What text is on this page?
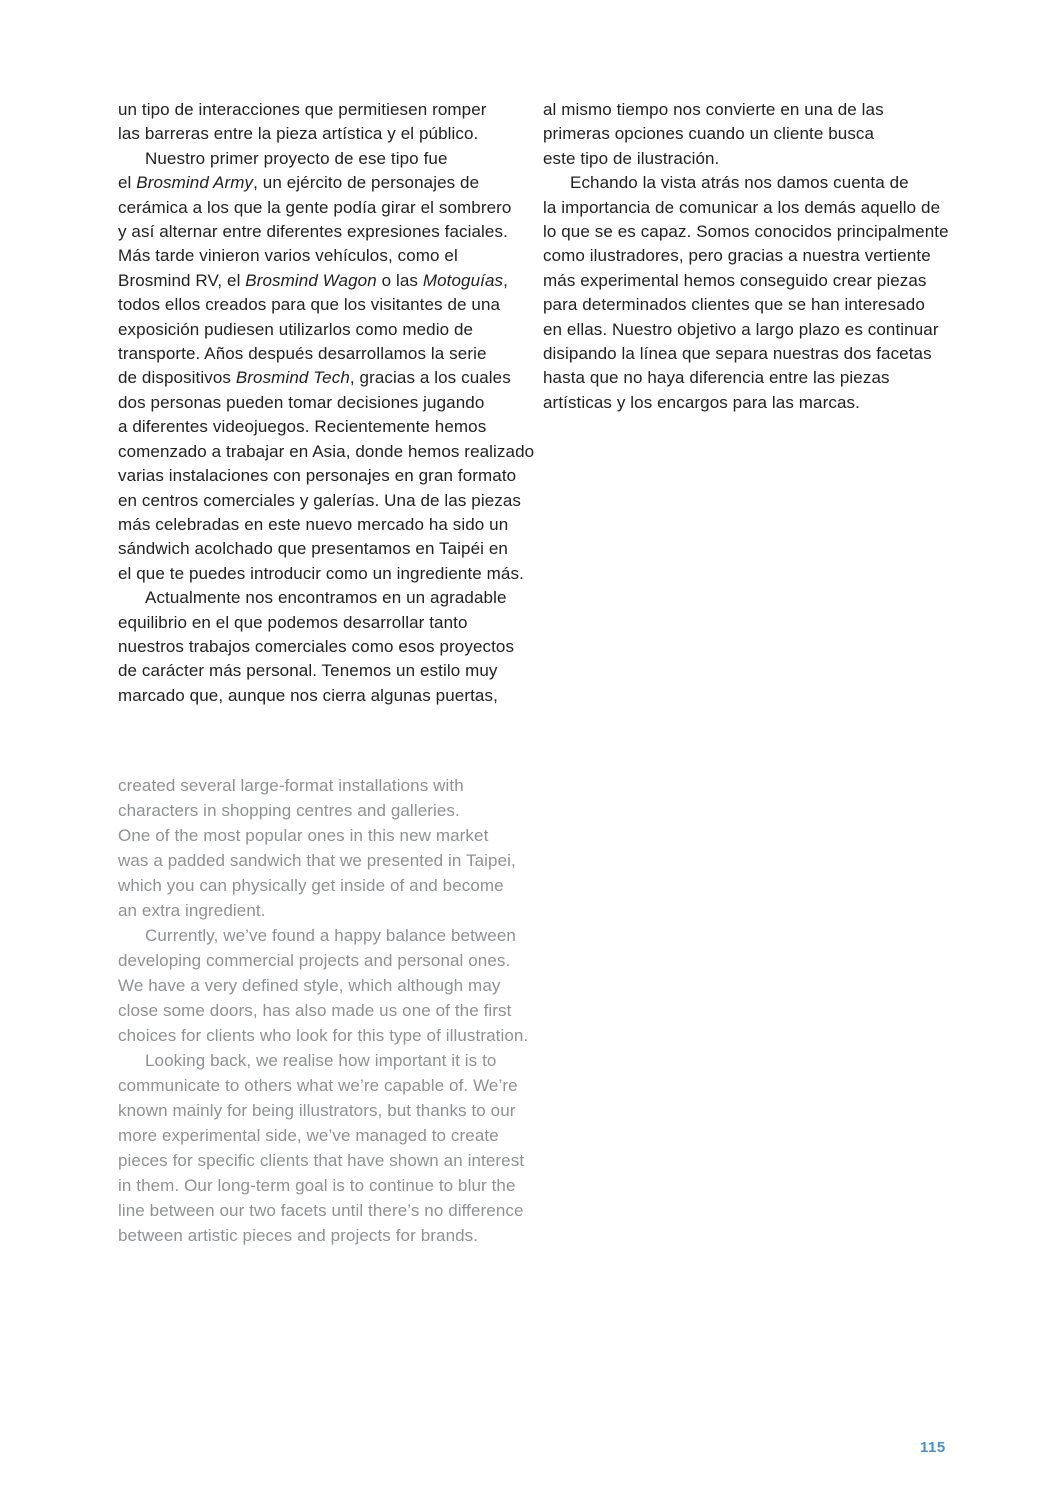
un tipo de interacciones que permitiesen romper
las barreras entre la pieza artística y el público.
Nuestro primer proyecto de ese tipo fue
el Brosmind Army, un ejército de personajes de
cerámica a los que la gente podía girar el sombrero
y así alternar entre diferentes expresiones faciales.
Más tarde vinieron varios vehículos, como el
Brosmind RV, el Brosmind Wagon o las Motoguías,
todos ellos creados para que los visitantes de una
exposición pudiesen utilizarlos como medio de
transporte. Años después desarrollamos la serie
de dispositivos Brosmind Tech, gracias a los cuales
dos personas pueden tomar decisiones jugando
a diferentes videojuegos. Recientemente hemos
comenzado a trabajar en Asia, donde hemos realizado
varias instalaciones con personajes en gran formato
en centros comerciales y galerías. Una de las piezas
más celebradas en este nuevo mercado ha sido un
sándwich acolchado que presentamos en Taipéi en
el que te puedes introducir como un ingrediente más.
Actualmente nos encontramos en un agradable
equilibrio en el que podemos desarrollar tanto
nuestros trabajos comerciales como esos proyectos
de carácter más personal. Tenemos un estilo muy
marcado que, aunque nos cierra algunas puertas,
al mismo tiempo nos convierte en una de las
primeras opciones cuando un cliente busca
este tipo de ilustración.
Echando la vista atrás nos damos cuenta de
la importancia de comunicar a los demás aquello de
lo que se es capaz. Somos conocidos principalmente
como ilustradores, pero gracias a nuestra vertiente
más experimental hemos conseguido crear piezas
para determinados clientes que se han interesado
en ellas. Nuestro objetivo a largo plazo es continuar
disipando la línea que separa nuestras dos facetas
hasta que no haya diferencia entre las piezas
artísticas y los encargos para las marcas.
created several large-format installations with
characters in shopping centres and galleries.
One of the most popular ones in this new market
was a padded sandwich that we presented in Taipei,
which you can physically get inside of and become
an extra ingredient.
Currently, we’ve found a happy balance between
developing commercial projects and personal ones.
We have a very defined style, which although may
close some doors, has also made us one of the first
choices for clients who look for this type of illustration.
Looking back, we realise how important it is to
communicate to others what we’re capable of. We’re
known mainly for being illustrators, but thanks to our
more experimental side, we’ve managed to create
pieces for specific clients that have shown an interest
in them. Our long-term goal is to continue to blur the
line between our two facets until there’s no difference
between artistic pieces and projects for brands.
115
